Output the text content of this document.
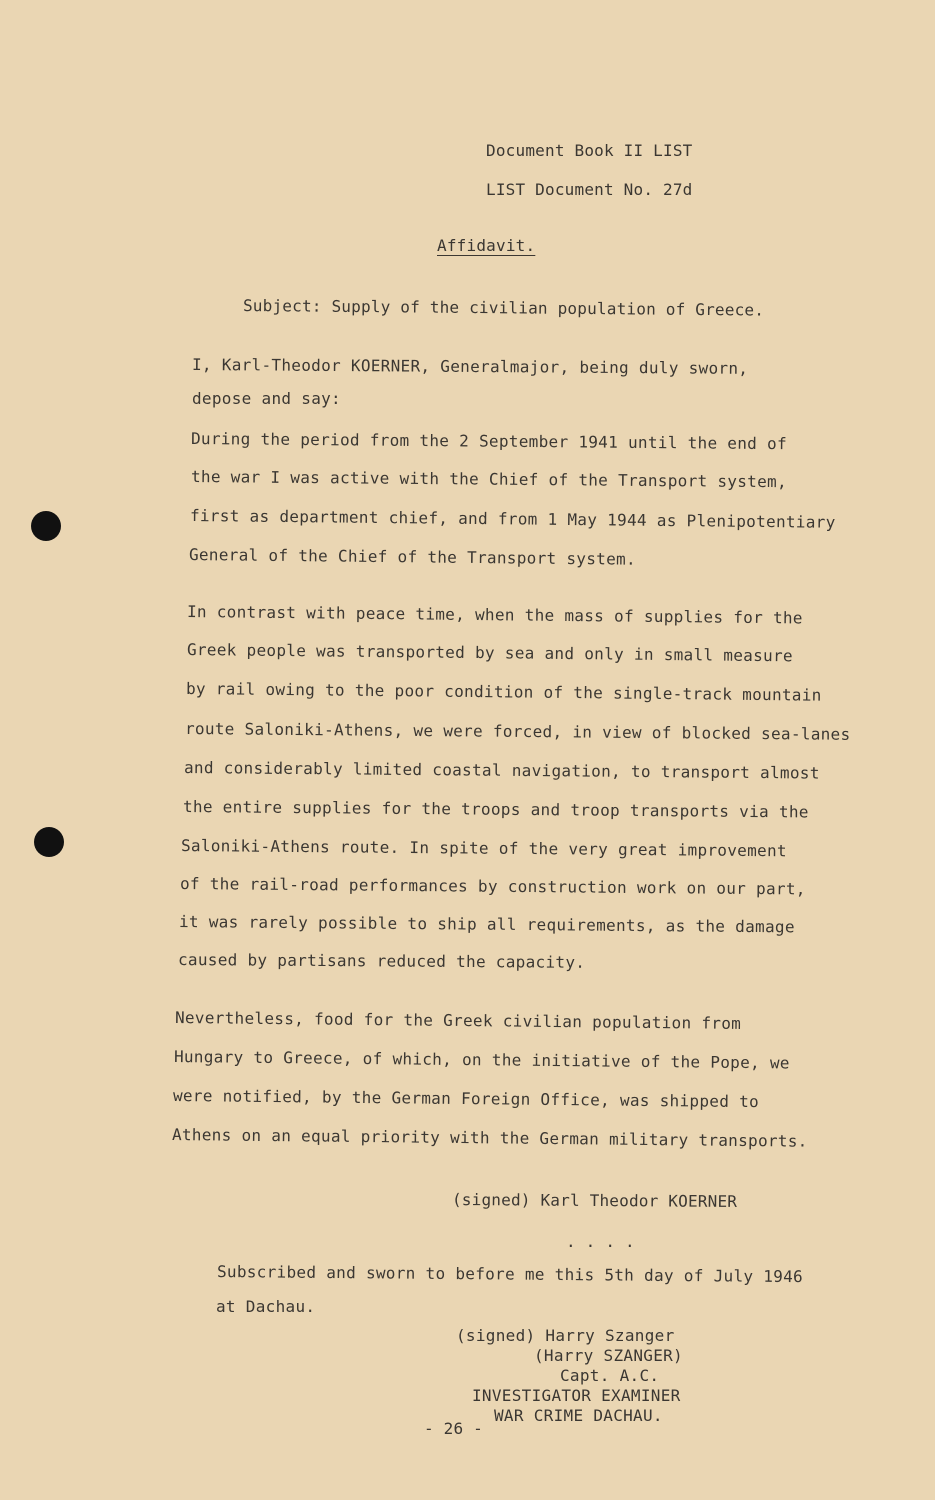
Document Book II LIST
LIST Document No. 27d
Affidavit.
Subject: Supply of the civilian population of Greece.
I, Karl-Theodor KOERNER, Generalmajor, being duly sworn,
depose and say:
During the period from the 2 September 1941 until the end of
the war I was active with the Chief of the Transport system,
first as department chief, and from 1 May 1944 as Plenipotentiary
General of the Chief of the Transport system.
In contrast with peace time, when the mass of supplies for the
Greek people was transported by sea and only in small measure
by rail owing to the poor condition of the single-track mountain
route Saloniki-Athens, we were forced, in view of blocked sea-lanes
and considerably limited coastal navigation, to transport almost
the entire supplies for the troops and troop transports via the
Saloniki-Athens route. In spite of the very great improvement
of the rail-road performances by construction work on our part,
it was rarely possible to ship all requirements, as the damage
caused by partisans reduced the capacity.
Nevertheless, food for the Greek civilian population from
Hungary to Greece, of which, on the initiative of the Pope, we
were notified, by the German Foreign Office, was shipped to
Athens on an equal priority with the German military transports.
(signed) Karl Theodor KOERNER
. . . .
Subscribed and sworn to before me this 5th day of July 1946
at Dachau.
(signed) Harry Szanger
(Harry SZANGER)
Capt. A.C.
INVESTIGATOR EXAMINER
WAR CRIME DACHAU.
- 26 -
